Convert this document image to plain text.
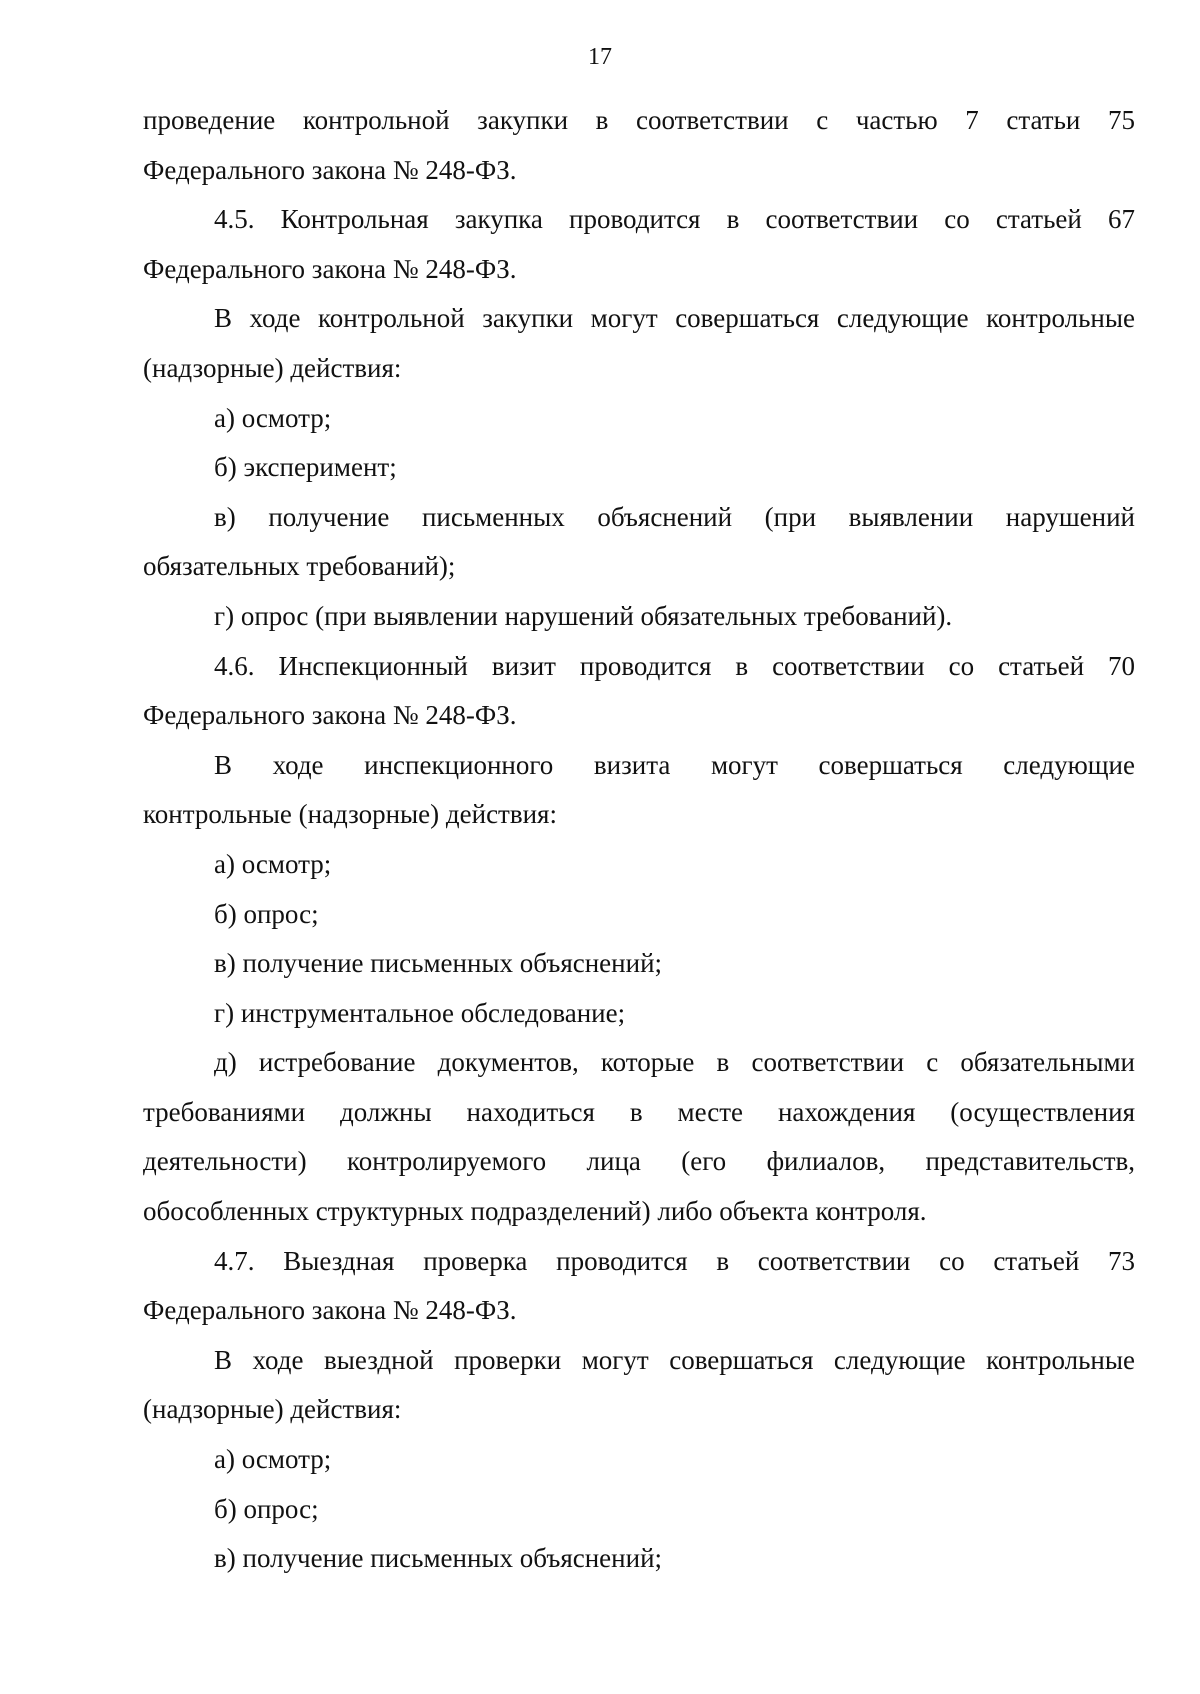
17
проведение контрольной закупки в соответствии с частью 7 статьи 75
Федерального закона № 248-ФЗ.
4.5. Контрольная закупка проводится в соответствии со статьей 67
Федерального закона № 248-ФЗ.
В ходе контрольной закупки могут совершаться следующие контрольные
(надзорные) действия:
а) осмотр;
б) эксперимент;
в) получение письменных объяснений (при выявлении нарушений
обязательных требований);
г) опрос (при выявлении нарушений обязательных требований).
4.6. Инспекционный визит проводится в соответствии со статьей 70
Федерального закона № 248-ФЗ.
В ходе инспекционного визита могут совершаться следующие
контрольные (надзорные) действия:
а) осмотр;
б) опрос;
в) получение письменных объяснений;
г) инструментальное обследование;
д) истребование документов, которые в соответствии с обязательными
требованиями должны находиться в месте нахождения (осуществления
деятельности) контролируемого лица (его филиалов, представительств,
обособленных структурных подразделений) либо объекта контроля.
4.7. Выездная проверка проводится в соответствии со статьей 73
Федерального закона № 248-ФЗ.
В ходе выездной проверки могут совершаться следующие контрольные
(надзорные) действия:
а) осмотр;
б) опрос;
в) получение письменных объяснений;
